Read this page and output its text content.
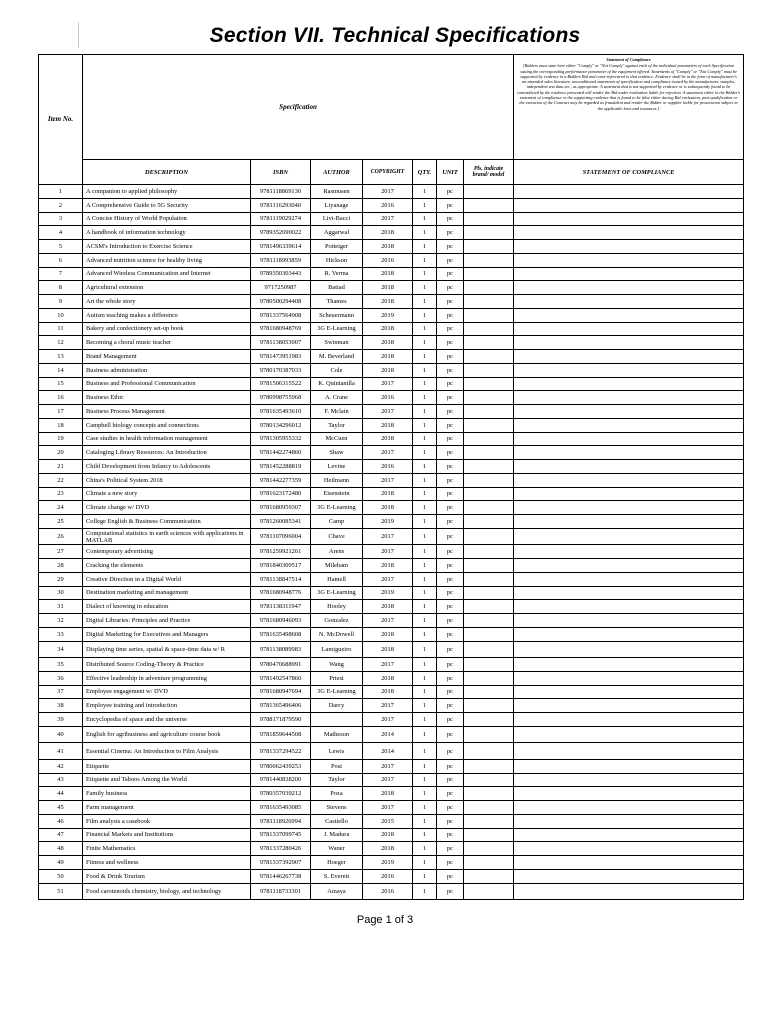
Section VII. Technical Specifications
Item No.	Specification							Statement of Compliance
[Bidders must state here either "Comply" or "Not Comply" against each of the individual parameters of each Specification stating the corresponding performance parameter of the equipment offered. Statements of "Comply" or "Not Comply" must be supported by evidence in a Bidders Bid and cross-referenced to that evidence. Evidence shall be in the form of manufacturer's un-amended sales literature, unconditional statements of specification and compliance issued by the manufacturer, samples, independent test data etc., as appropriate. A statement that is not supported by evidence or is subsequently found to be contradicted by the evidence presented will render the Bid under evaluation liable for rejection. A statement either in the Bidder's statement of compliance or the supporting evidence that is found to be false either during Bid evaluation, post-qualification or the execution of the Contract may be regarded as fraudulent and render the Bidder or supplier liable for prosecution subject to the applicable laws and issuances.]
	DESCRIPTION	ISBN	AUTHOR	COPYRIGHT	QTY.	UNIT	Pls. indicate brand/ model	STATEMENT OF COMPLIANCE
1	A companion to applied philosophy	9781118869130	Rasmusen	2017	1	pc		
2	A Comprehensive Guide to 5G Security	9781116293040	Liyanage	2016	1	pc		
3	A Concise History of World Population	9781119029274	Livi-Bacci	2017	1	pc		
4	A handbook of information technology	9789352690022	Aggarwal	2018	1	pc		
5	ACSM's Introduction to Exercise Science	9781496339614	Potteiger	2018	1	pc		
6	Advanced nutrition science for healthy living	9781118993859	Hickson	2016	1	pc		
7	Advanced Wireless Communication and Internet	9789350303443	R. Verma	2018	1	pc		
8	Agricultural extension	9717250987	Batiad	2018	1	pc		
9	Art the whole story	9780500294408	Thames	2018	1	pc		
10	Autism teaching makes a difference	9781337564908	Scheuermann	2019	1	pc		
11	Bakery and confectionery set-up book	9781680948769	3G E-Learning	2018	1	pc		
12	Becoming a choral music teacher	9781138053007	Swinman	2018	1	pc		
13	Brand Management	9781473951983	M. Beverland	2018	1	pc		
14	Business administration	9780170387033	Cole	2018	1	pc		
15	Business and Professional Communication	9781506315522	K. Quintanilla	2017	1	pc		
16	Business Ethic	9780998755968	A. Crane	2016	1	pc		
17	Business Process Management	9781635493610	F. Mclain	2017	1	pc		
18	Campbell biology concepts and connections	9780134296012	Taylor	2018	1	pc		
19	Case studies in health information management	9781305955332	McCuen	2018	1	pc		
20	Cataloging Library Resources: An Introduction	9781442274860	Shaw	2017	1	pc		
21	Child Development from Infancy to Adolescents	9781452288819	Levine	2016	1	pc		
22	China's Political System 2018	9781442277359	Heilmann	2017	1	pc		
23	Climate a new story	9781623172480	Eisenstein	2018	1	pc		
24	Climate change w/ DVD	9781680959307	3G E-Learning	2018	1	pc		
25	College English & Business Communication	9781260085341	Camp	2019	1	pc		
26	Computational statistics in earth sciences with applications in MATLAB	9781107096004	Chave	2017	1	pc		
27	Contemporary advertising	9781259921261	Arens	2017	1	pc		
28	Cracking the elements	9781840309517	Mileham	2018	1	pc		
29	Creative Direction in a Digital World	9781138847514	Hamell	2017	1	pc		
30	Destination marketing and management	9781680948776	3G E-Learning	2019	1	pc		
31	Dialect of knowing in education	9781138311947	Hooley	2018	1	pc		
32	Digital Libraries: Principles and Practice	9781680946093	Gonzalez	2017	1	pc		
33	Digital Marketing for Executives and Managers	9781635498608	N. McDowell	2018	1	pc		
34	Displaying time series, spatial & space-time data w/ R	9781138089983	Lamigueiro	2018	1	pc		
35	Distributed Source Coding-Theory & Practice	9780470688991	Wang	2017	1	pc		
36	Effective leadership in adventure programming	9781492547860	Priest	2018	1	pc		
37	Employee engagement w/ DVD	9781680947694	3G E-Learning	2018	1	pc		
38	Employee training and introduction	9781365496406	Darcy	2017	1	pc		
39	Encyclopedia of space and the universe	9788171879590		2017	1	pc		
40	English for agribusiness and agriculture course book	9781859644508	Matheson	2014	1	pc		
41	Essential Cinema: An Introduction to Film Analysis	9781337294522	Lewis	2014	1	pc		
42	Etiquette	9780062439253	Post	2017	1	pc		
43	Etiquette and Taboos Among the World	9781440838200	Taylor	2017	1	pc		
44	Family business	9780357039212	Poza	2018	1	pc		
45	Farm management	9781635493085	Stevens	2017	1	pc		
46	Film analysis a casebook	9781118926994	Castiello	2015	1	pc		
47	Financial Markets and Institutions	9781337099745	J. Madura	2018	1	pc		
48	Finite Mathematics	9781337280426	Waner	2018	1	pc		
49	Fitness and wellness	9781337392907	Hoeger	2019	1	pc		
50	Food & Drink Tourism	9781446267738	S. Everett	2016	1	pc		
51	Food carotenoids chemistry, biology, and technology	9781118733301	Amaya	2016	1	pc		
Page 1 of 3
